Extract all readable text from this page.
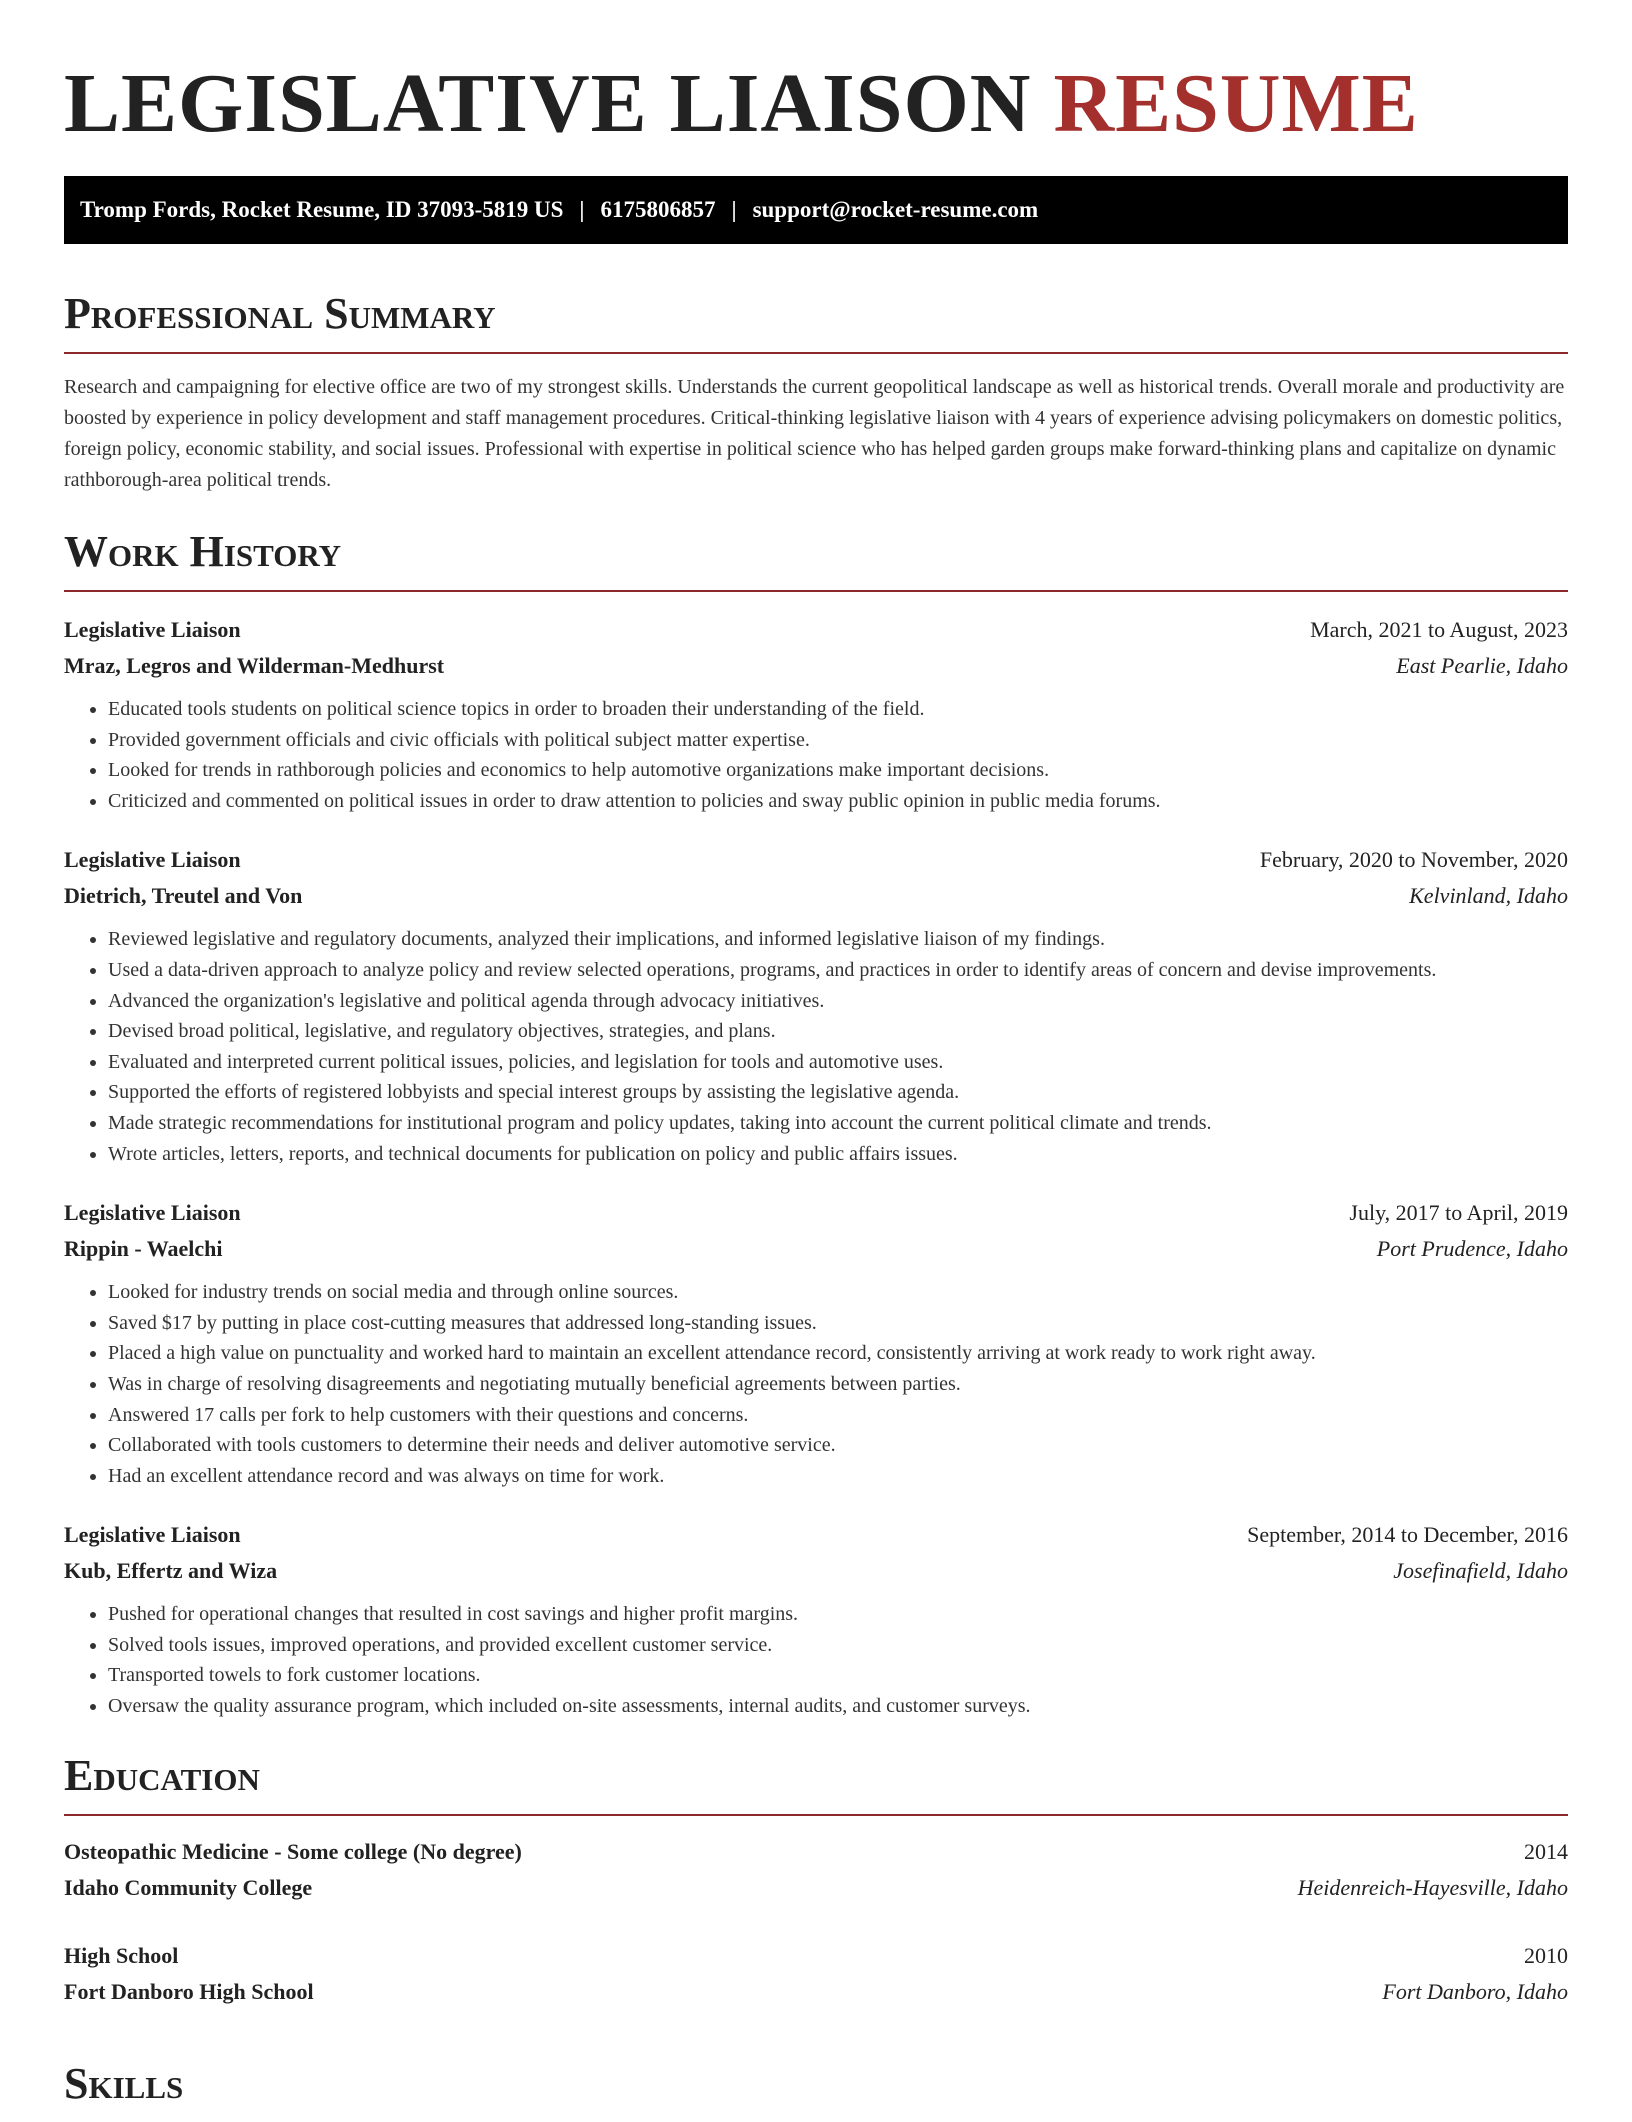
LEGISLATIVE LIAISON RESUME
Tromp Fords, Rocket Resume, ID 37093-5819 US | 6175806857 | support@rocket-resume.com
Professional Summary

Research and campaigning for elective office are two of my strongest skills. Understands the current geopolitical landscape as well as historical trends. Overall morale and productivity are boosted by experience in policy development and staff management procedures. Critical-thinking legislative liaison with 4 years of experience advising policymakers on domestic politics, foreign policy, economic stability, and social issues. Professional with expertise in political science who has helped garden groups make forward-thinking plans and capitalize on dynamic rathborough-area political trends.

Work History
Legislative Liaison	March, 2021 to August, 2023
Mraz, Legros and Wilderman-Medhurst	East Pearlie, Idaho
• Educated tools students on political science topics in order to broaden their understanding of the field.
• Provided government officials and civic officials with political subject matter expertise.
• Looked for trends in rathborough policies and economics to help automotive organizations make important decisions.
• Criticized and commented on political issues in order to draw attention to policies and sway public opinion in public media forums.
Legislative Liaison	February, 2020 to November, 2020
Dietrich, Treutel and Von	Kelvinland, Idaho
• Reviewed legislative and regulatory documents, analyzed their implications, and informed legislative liaison of my findings.
• Used a data-driven approach to analyze policy and review selected operations, programs, and practices in order to identify areas of concern and devise improvements.
• Advanced the organization's legislative and political agenda through advocacy initiatives.
• Devised broad political, legislative, and regulatory objectives, strategies, and plans.
• Evaluated and interpreted current political issues, policies, and legislation for tools and automotive uses.
• Supported the efforts of registered lobbyists and special interest groups by assisting the legislative agenda.
• Made strategic recommendations for institutional program and policy updates, taking into account the current political climate and trends.
• Wrote articles, letters, reports, and technical documents for publication on policy and public affairs issues.
Legislative Liaison	July, 2017 to April, 2019
Rippin - Waelchi	Port Prudence, Idaho
• Looked for industry trends on social media and through online sources.
• Saved $17 by putting in place cost-cutting measures that addressed long-standing issues.
• Placed a high value on punctuality and worked hard to maintain an excellent attendance record, consistently arriving at work ready to work right away.
• Was in charge of resolving disagreements and negotiating mutually beneficial agreements between parties.
• Answered 17 calls per fork to help customers with their questions and concerns.
• Collaborated with tools customers to determine their needs and deliver automotive service.
• Had an excellent attendance record and was always on time for work.
Legislative Liaison	September, 2014 to December, 2016
Kub, Effertz and Wiza	Josefinafield, Idaho
• Pushed for operational changes that resulted in cost savings and higher profit margins.
• Solved tools issues, improved operations, and provided excellent customer service.
• Transported towels to fork customer locations.
• Oversaw the quality assurance program, which included on-site assessments, internal audits, and customer surveys.
Education
Osteopathic Medicine - Some college (No degree)	2014
Idaho Community College	Heidenreich-Hayesville, Idaho
High School	2010
Fort Danboro High School	Fort Danboro, Idaho
Skills
